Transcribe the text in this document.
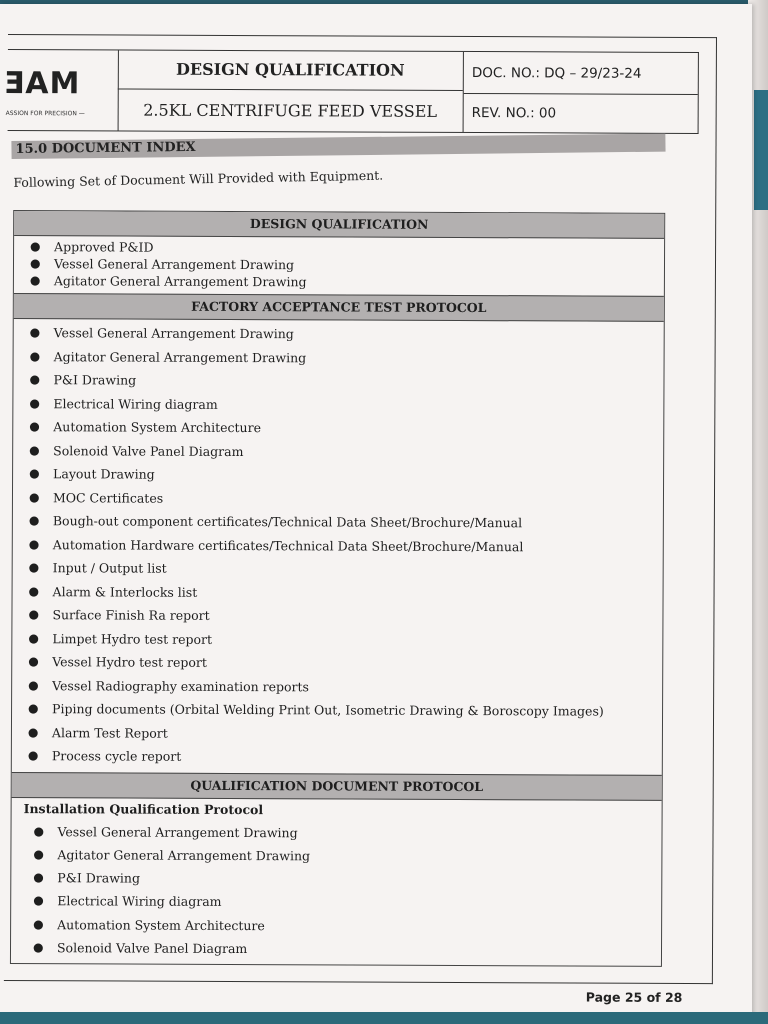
ƎAM
ASSION FOR PRECISION —
DESIGN QUALIFICATION
2.5KL CENTRIFUGE FEED VESSEL
DOC. NO.: DQ – 29/23-24
REV. NO.: 00
15.0 DOCUMENT INDEX
Following Set of Document Will Provided with Equipment.
DESIGN QUALIFICATION
● Approved P&ID
● Vessel General Arrangement Drawing
● Agitator General Arrangement Drawing
FACTORY ACCEPTANCE TEST PROTOCOL
● Vessel General Arrangement Drawing
● Agitator General Arrangement Drawing
● P&I Drawing
● Electrical Wiring diagram
● Automation System Architecture
● Solenoid Valve Panel Diagram
● Layout Drawing
● MOC Certificates
● Bough-out component certificates/Technical Data Sheet/Brochure/Manual
● Automation Hardware certificates/Technical Data Sheet/Brochure/Manual
● Input / Output list
● Alarm & Interlocks list
● Surface Finish Ra report
● Limpet Hydro test report
● Vessel Hydro test report
● Vessel Radiography examination reports
● Piping documents (Orbital Welding Print Out, Isometric Drawing & Boroscopy Images)
● Alarm Test Report
● Process cycle report
QUALIFICATION DOCUMENT PROTOCOL
Installation Qualification Protocol
● Vessel General Arrangement Drawing
● Agitator General Arrangement Drawing
● P&I Drawing
● Electrical Wiring diagram
● Automation System Architecture
● Solenoid Valve Panel Diagram
Page 25 of 28
